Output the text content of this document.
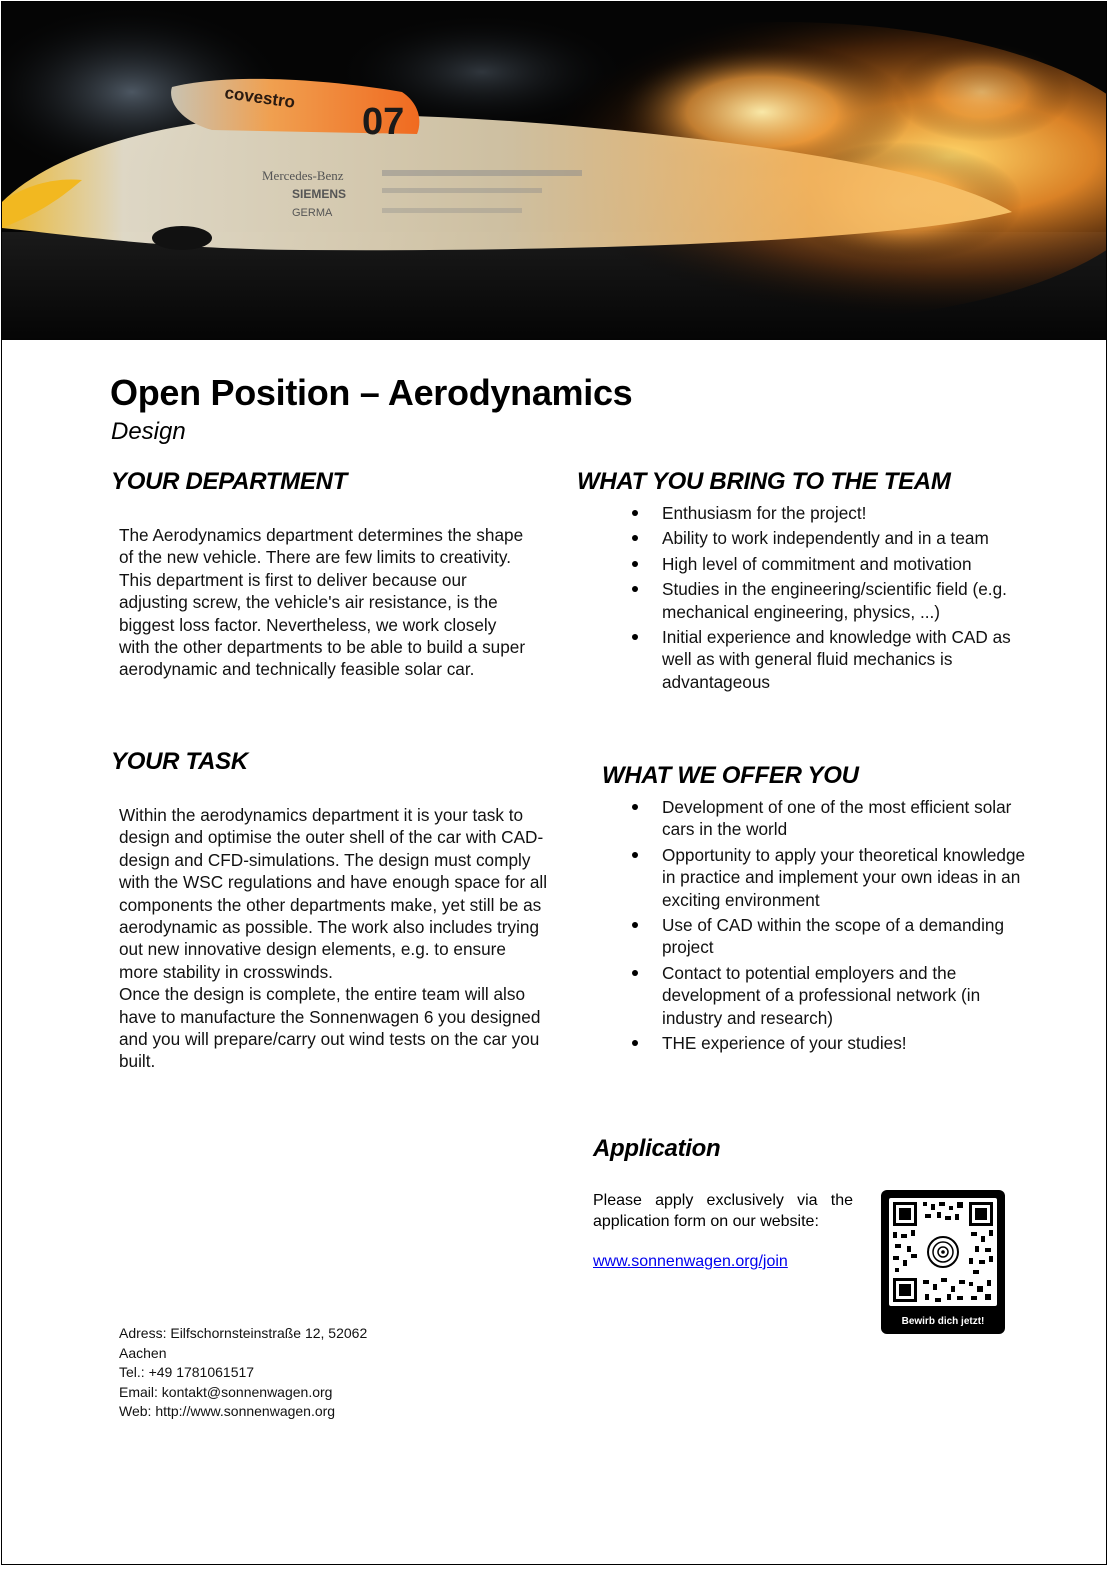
covestro
07
Mercedes-Benz
SIEMENS
GERMA
Open Position – Aerodynamics
Design
YOUR DEPARTMENT

The Aerodynamics department determines the shape of the new vehicle. There are few limits to creativity.

This department is first to deliver because our adjusting screw, the vehicle's air resistance, is the biggest loss factor. Nevertheless, we work closely with the other departments to be able to build a super aerodynamic and technically feasible solar car.

YOUR TASK

Within the aerodynamics department it is your task to design and optimise the outer shell of the car with CAD-design and CFD-simulations. The design must comply with the WSC regulations and have enough space for all components the other departments make, yet still be as aerodynamic as possible. The work also includes trying out new innovative design elements, e.g. to ensure more stability in crosswinds.

Once the design is complete, the entire team will also have to manufacture the Sonnenwagen 6 you designed and you will prepare/carry out wind tests on the car you built.

WHAT YOU BRING TO THE TEAM
Enthusiasm for the project!
Ability to work independently and in a team
High level of commitment and motivation
Studies in the engineering/scientific field (e.g. mechanical engineering, physics, ...)
Initial experience and knowledge with CAD as well as with general fluid mechanics is advantageous
WHAT WE OFFER YOU
Development of one of the most efficient solar cars in the world
Opportunity to apply your theoretical knowledge in practice and implement your own ideas in an exciting environment
Use of CAD within the scope of a demanding project
Contact to potential employers and the development of a professional network (in industry and research)
THE experience of your studies!
Application

Please apply exclusively via the application form on our website:

www.sonnenwagen.org/join
Bewirb dich jetzt!
Adress: Eilfschornsteinstraße 12, 52062
Aachen
Tel.: +49 1781061517
Email: kontakt@sonnenwagen.org
Web: http://www.sonnenwagen.org
